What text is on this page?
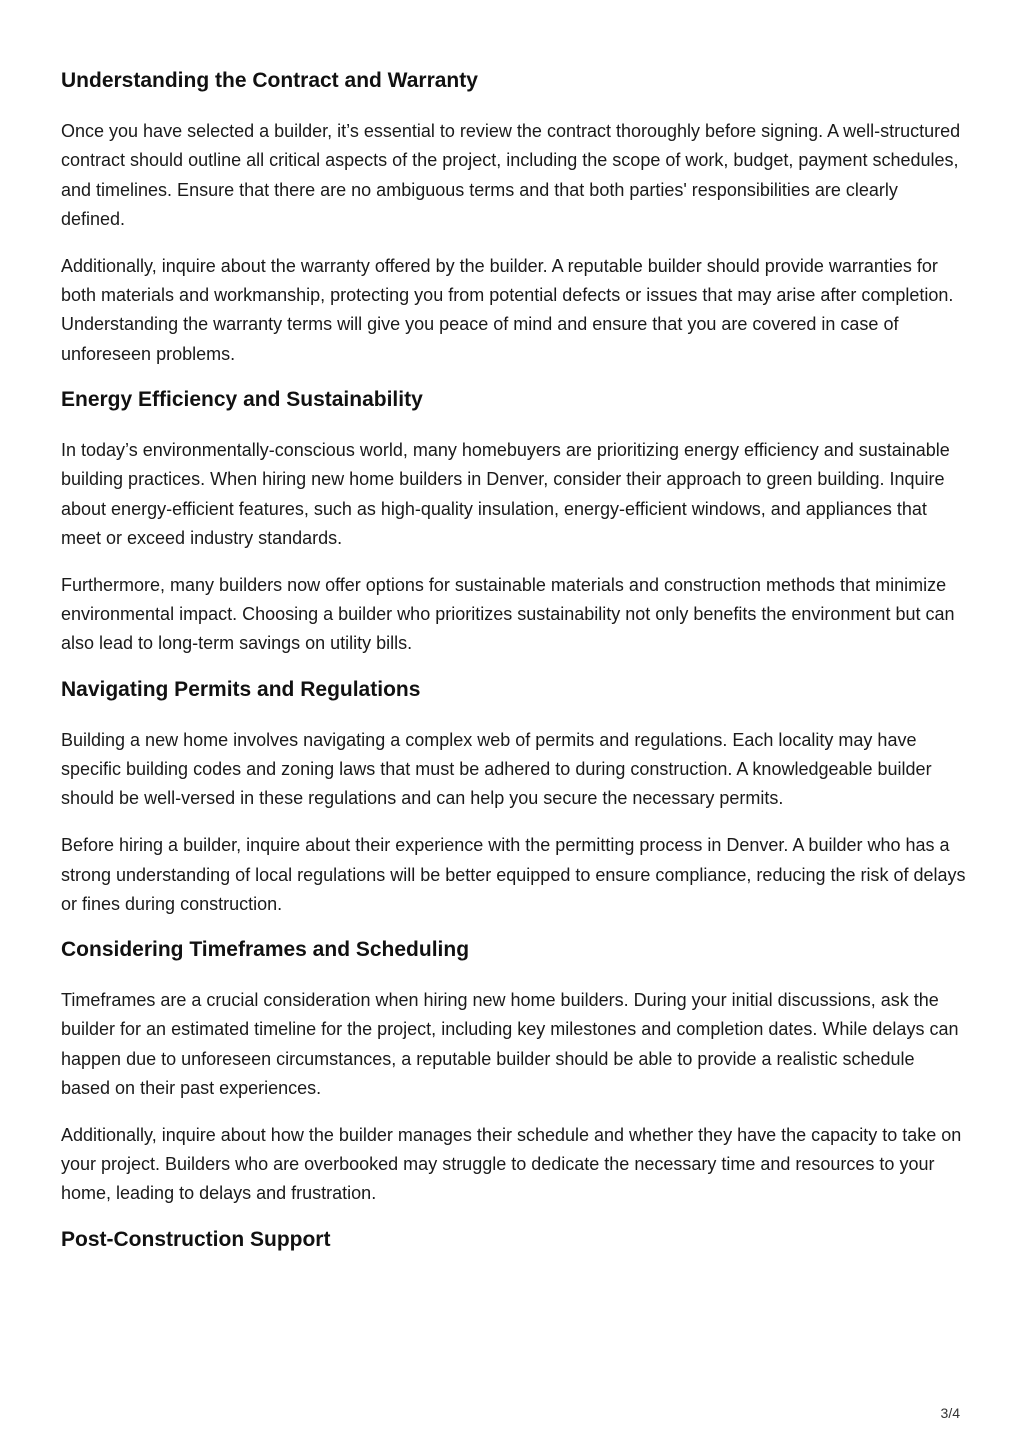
Understanding the Contract and Warranty

Once you have selected a builder, it’s essential to review the contract thoroughly before signing. A well-structured contract should outline all critical aspects of the project, including the scope of work, budget, payment schedules, and timelines. Ensure that there are no ambiguous terms and that both parties' responsibilities are clearly defined.

Additionally, inquire about the warranty offered by the builder. A reputable builder should provide warranties for both materials and workmanship, protecting you from potential defects or issues that may arise after completion. Understanding the warranty terms will give you peace of mind and ensure that you are covered in case of unforeseen problems.

Energy Efficiency and Sustainability

In today’s environmentally-conscious world, many homebuyers are prioritizing energy efficiency and sustainable building practices. When hiring new home builders in Denver, consider their approach to green building. Inquire about energy-efficient features, such as high-quality insulation, energy-efficient windows, and appliances that meet or exceed industry standards.

Furthermore, many builders now offer options for sustainable materials and construction methods that minimize environmental impact. Choosing a builder who prioritizes sustainability not only benefits the environment but can also lead to long-term savings on utility bills.

Navigating Permits and Regulations

Building a new home involves navigating a complex web of permits and regulations. Each locality may have specific building codes and zoning laws that must be adhered to during construction. A knowledgeable builder should be well-versed in these regulations and can help you secure the necessary permits.

Before hiring a builder, inquire about their experience with the permitting process in Denver. A builder who has a strong understanding of local regulations will be better equipped to ensure compliance, reducing the risk of delays or fines during construction.

Considering Timeframes and Scheduling

Timeframes are a crucial consideration when hiring new home builders. During your initial discussions, ask the builder for an estimated timeline for the project, including key milestones and completion dates. While delays can happen due to unforeseen circumstances, a reputable builder should be able to provide a realistic schedule based on their past experiences.

Additionally, inquire about how the builder manages their schedule and whether they have the capacity to take on your project. Builders who are overbooked may struggle to dedicate the necessary time and resources to your home, leading to delays and frustration.

Post-Construction Support
3/4
